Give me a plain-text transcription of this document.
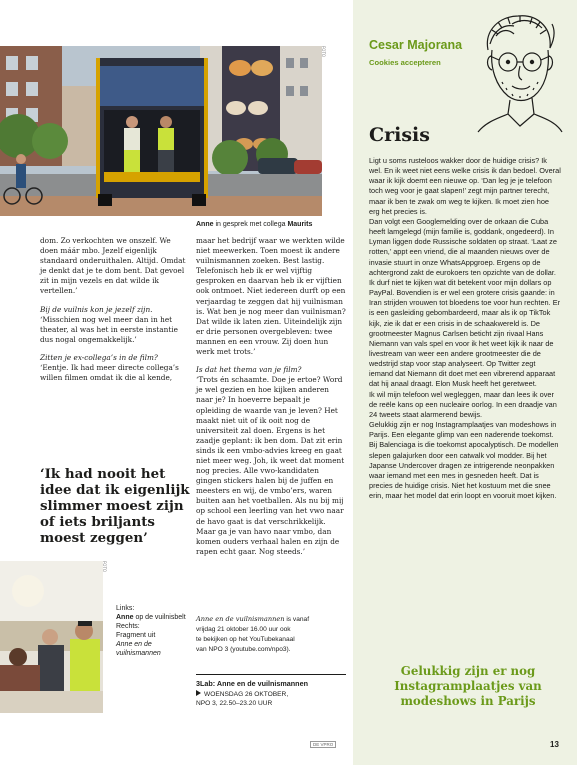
FOTO
Anne in gesprek met collega Maurits

dom. Zo verkochten we onszelf. We doen máár mbo. Jezelf eigenlijk standaard onderuithalen. Altijd. Omdat je denkt dat je te dom bent. Dat gevoel zit in mijn vezels en dat wilde ik vertellen.’

Bij de vuilnis kon je jezelf zijn.

‘Misschien nog wel meer dan in het theater, al was het in eerste instantie dus nogal ongemakkelijk.’

Zitten je ex-collega’s in de film?

‘Eentje. Ik had meer directe collega’s willen filmen omdat ik die al kende,

‘Ik had nooit het idee dat ik eigenlijk slimmer moest zijn of iets briljants moest zeggen’

maar het bedrijf waar we werkten wilde niet meewerken. Toen moest ik andere vuilnismannen zoeken. Best lastig. Telefonisch heb ik er wel vijftig gesproken en daarvan heb ik er vijftien ook ontmoet. Niet iedereen durft op een verjaardag te zeggen dat hij vuilnisman is. Wat ben je nog meer dan vuilnisman? Dat wilde ik laten zien. Uiteindelijk zijn er drie personen overgebleven: twee mannen en een vrouw. Zij doen hun werk met trots.’

Is dat het thema van je film?

‘Trots én schaamte. Doe je ertoe? Word je wel gezien en hoe kijken anderen naar je? In hoeverre bepaalt je opleiding de waarde van je leven? Het maakt niet uit of ik ooit nog de universiteit zal doen. Ergens is het zaadje geplant: ik ben dom. Dat zit erin sinds ik een vmbo-advies kreeg en gaat niet meer weg. Joh, ik weet dat moment nog precies. Alle vwo-kandidaten gingen stickers halen bij de juffen en meesters en wij, de vmbo’ers, waren buiten aan het voetballen. Als nu bij mij op school een leerling van het vwo naar de havo gaat is dat verschrikkelijk. Maar ga je van havo naar vmbo, dan komen ouders verhaal halen en zijn de rapen echt gaar. Nog steeds.’

FOTO
Links:
Anne op de vuilnisbelt
Rechts:
Fragment uit
Anne en de vuilnismannen
Anne en de vuilnismannen is vanaf
vrijdag 21 oktober 16.00 uur ook
te bekijken op het YouTubekanaal
van NPO 3 (youtube.com/npo3).
3Lab: Anne en de vuilnismannen
WOENSDAG 26 OKTOBER,
NPO 3, 22.50–23.20 UUR
Cesar Majorana
Cookies accepteren
Crisis

Ligt u soms rusteloos wakker door de huidige crisis? Ik wel. En ik weet niet eens welke crisis ik dan bedoel. Overal waar ik kijk doemt een nieuwe op. ‘Dan leg je je telefoon toch weg voor je gaat slapen!’ zegt mijn partner terecht, maar ik ben te zwak om weg te kijken. Ik moet zien hoe erg het precies is.

Dan volgt een Googlemelding over de orkaan die Cuba heeft lamgelegd (mijn familie is, goddank, ongedeerd). In Lyman liggen dode Russische soldaten op straat. ‘Laat ze rotten,’ appt een vriend, die al maanden nieuws over de invasie stuurt in onze WhatsAppgroep. Ergens op de achtergrond zakt de eurokoers ten opzichte van de dollar.

Ik durf niet te kijken wat dit betekent voor mijn dollars op PayPal. Bovendien is er wel een grotere crisis gaande: in Iran strijden vrouwen tot bloedens toe voor hun rechten. Er is een gasleiding gebombardeerd, maar als ik op TikTok kijk, zie ik dat er een crisis in de schaakwereld is. De grootmeester Magnus Carlsen beticht zijn rivaal Hans Niemann van vals spel en voor ik het weet kijk ik naar de livestream van weer een andere grootmeester die de wedstrijd stap voor stap analyseert. Op Twitter zegt iemand dat Niemann dit doet met een vibrerend apparaat dat hij anaal draagt. Elon Musk heeft het geretweet.

Ik wil mijn telefoon wel wegleggen, maar dan lees ik over de reële kans op een nucleaire oorlog. In een draadje van 24 tweets staat alarmerend bewijs.

Gelukkig zijn er nog Instagramplaatjes van modeshows in Parijs. Een elegante glimp van een naderende toekomst. Bij Balenciaga is die toekomst apocalyptisch. De modellen slepen galajurken door een catwalk vol modder. Bij het Japanse Undercover dragen ze intrigerende neonpakken waar iemand met een mes in gesneden heeft. Dat is precies de huidige crisis. Niet het kostuum met die snee erin, maar het model dat erin loopt en vooruit moet kijken.

Gelukkig zijn er nog Instagramplaatjes van modeshows in Parijs
DE VPRO	13
